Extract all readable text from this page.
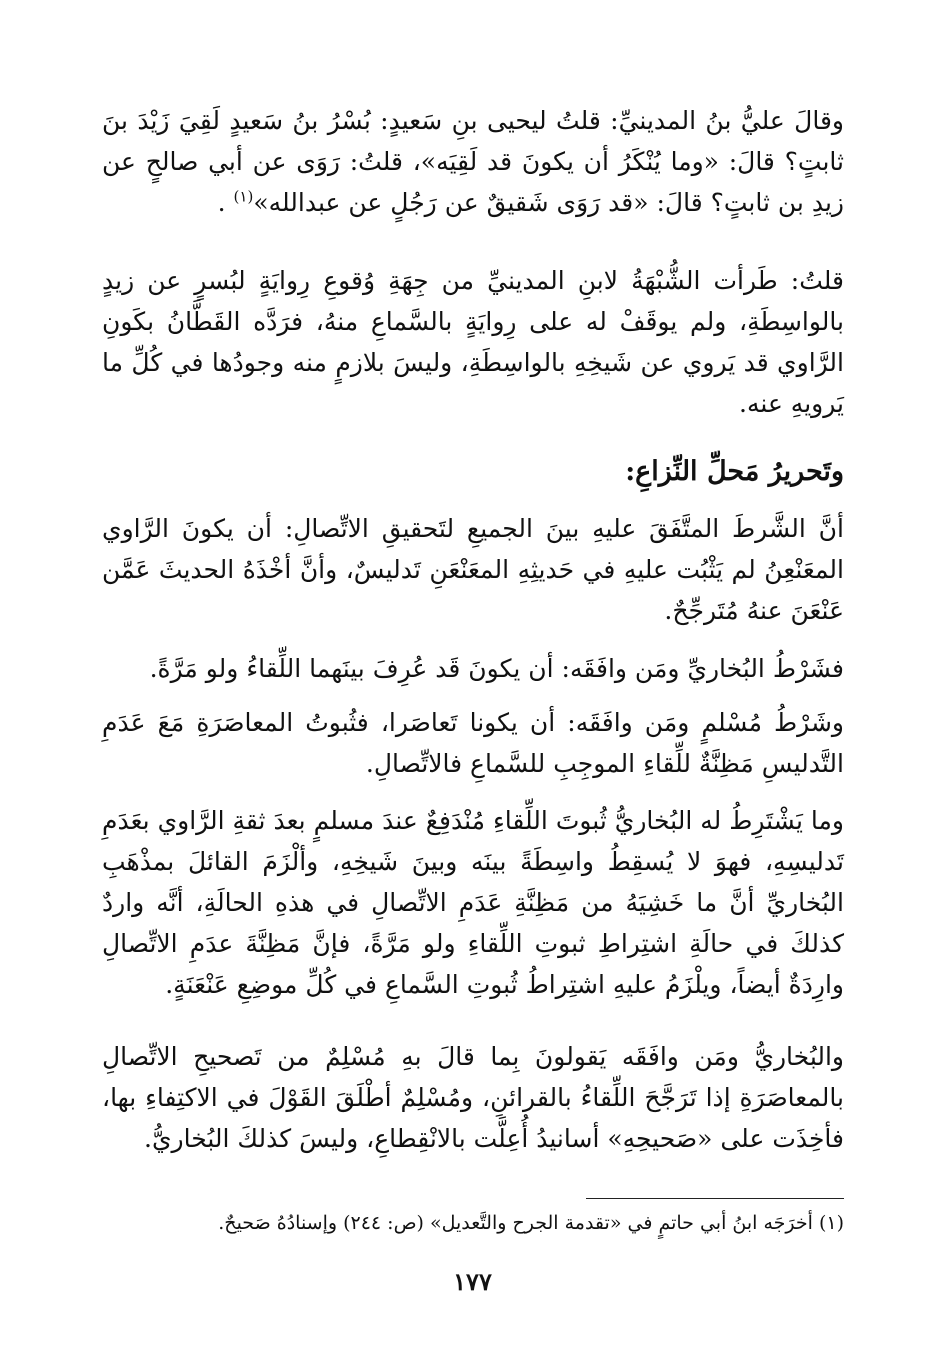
وقالَ عليُّ بنُ المدينيِّ: قلتُ ليحيى بنِ سَعيدٍ: بُسْرُ بنُ سَعيدٍ لَقِيَ زَيْدَ بنَ ثابتٍ؟ قالَ: «وما يُنْكَرُ أن يكونَ قد لَقِيَه»، قلتُ: رَوَى عن أبي صالحٍ عن زيدِ بن ثابتٍ؟ قالَ: «قد رَوَى شَقيقٌ عن رَجُلٍ عن عبدالله»$^{(١)}$ .

قلتُ: طَرأت الشُّبْهَةُ لابنِ المدينيِّ من جِهَةِ وُقوعِ رِوايَةٍ لبُسرٍ عن زيدٍ بالواسِطَةِ، ولم يوقَفْ له على رِوايَةٍ بالسَّماعِ منهُ، فرَدَّه القَطَّانُ بكَونِ الرَّاوي قد يَروي عن شَيخِهِ بالواسِطَةِ، وليسَ بلازمٍ منه وجودُها في كُلِّ ما يَرويهِ عنه.

وتَحريرُ مَحلِّ النِّزاعِ:

أنَّ الشَّرطَ المتَّفَقَ عليهِ بينَ الجميعِ لتَحقيقِ الاتِّصالِ: أن يكونَ الرَّاوي المعَنْعِنُ لم يَثْبُت عليهِ في حَديثِهِ المعَنْعَنِ تَدليسٌ، وأنَّ أخْذَهُ الحديثَ عَمَّن عَنْعَنَ عنهُ مُتَرجِّحٌ.

فشَرْطُ البُخاريِّ ومَن وافَقَه: أن يكونَ قَد عُرِفَ بينَهما اللِّقاءُ ولو مَرَّةً.

وشَرْطُ مُسْلمٍ ومَن وافَقَه: أن يكونا تَعاصَرا، فثُبوتُ المعاصَرَةِ مَعَ عَدَمِ التَّدليسِ مَظِنَّةٌ للِّقاءِ الموجِبِ للسَّماعِ فالاتِّصالِ.

وما يَشْتَرِطُ له البُخاريُّ ثُبوتَ اللِّقاءِ مُنْدَفِعٌ عندَ مسلمٍ بعدَ ثقةِ الرَّاوي بعَدَمِ تَدليسِهِ، فهوَ لا يُسقِطُ واسِطَةً بينَه وبينَ شَيخِهِ، وألْزَمَ القائلَ بمذْهَبِ البُخاريِّ أنَّ ما خَشِيَهُ من مَظِنَّةِ عَدَمِ الاتِّصالِ في هذهِ الحالَةِ، أنَّه واردٌ كذلكَ في حالَةِ اشتِراطِ ثبوتِ اللِّقاءِ ولو مَرَّةً، فإنَّ مَظِنَّةَ عدَمِ الاتِّصالِ وارِدَةٌ أيضاً، ويلْزَمُ عليهِ اشتِراطُ ثُبوتِ السَّماعِ في كُلِّ موضِعِ عَنْعَنَةٍ.

والبُخاريُّ ومَن وافَقَه يَقولونَ بِما قالَ بهِ مُسْلِمٌ من تَصحيحِ الاتِّصالِ بالمعاصَرَةِ إذا تَرَجَّحَ اللِّقاءُ بالقرائنِ، ومُسْلِمٌ أطْلَقَ القَوْلَ في الاكتِفاءِ بها، فأخِذَت على «صَحيحِهِ» أسانيدُ أُعِلَّت بالانْقِطاعِ، وليسَ كذلكَ البُخاريُّ.

(١) أخرَجَه ابنُ أبي حاتمٍ في «تقدمة الجرح والتَّعديل» (ص: ٢٤٤) وإسنادُهُ صَحيحٌ.

١٧٧
